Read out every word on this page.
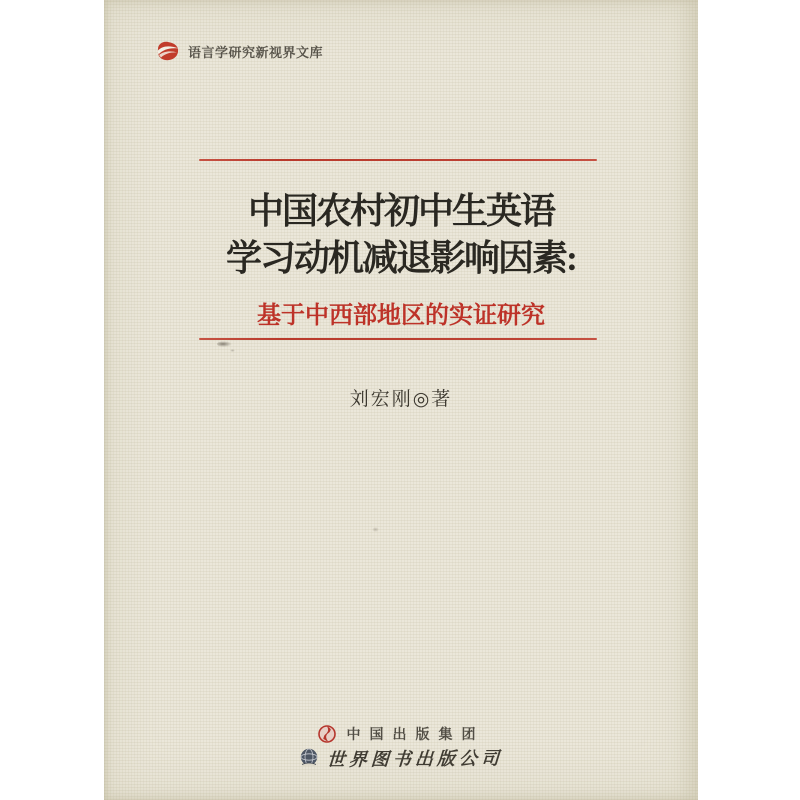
语言学研究新视界文库
中国农村初中生英语
学习动机减退影响因素:
基于中西部地区的实证研究
刘宏刚◎著
中国出版集团
世界图书出版公司
